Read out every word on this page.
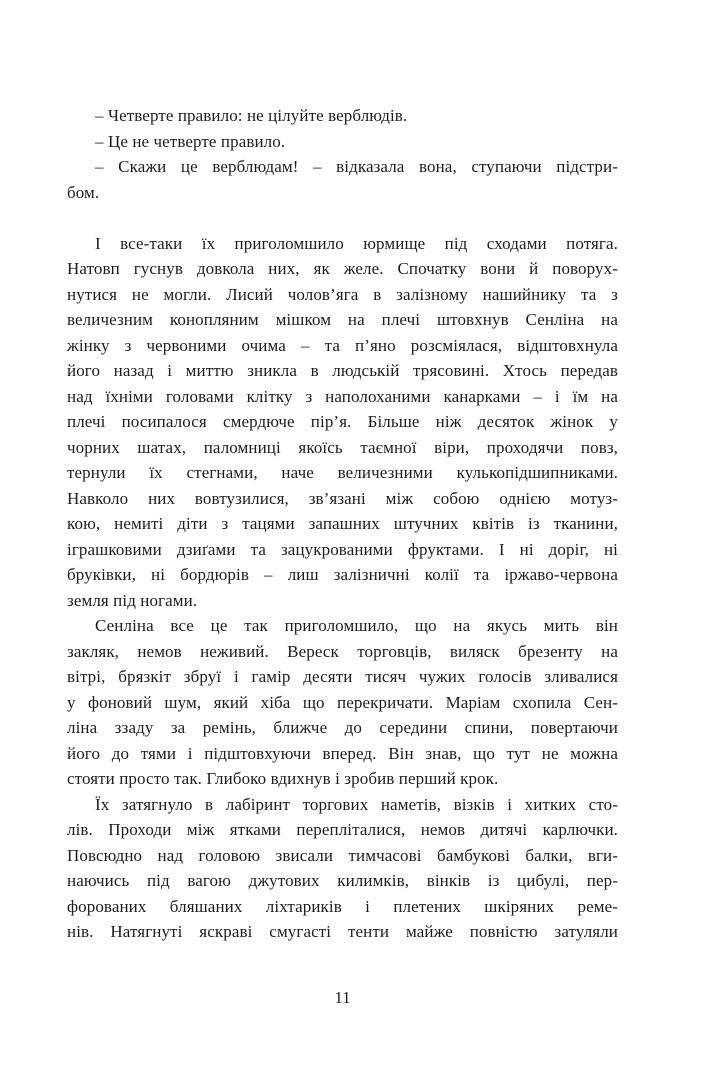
– Четверте правило: не цілуйте верблюдів.

– Це не четверте правило.

– Скажи це верблюдам! – відказала вона, ступаючи підстри-
бом.

І все-таки їх приголомшило юрмище під сходами потяга.
Натовп гуснув довкола них, як желе. Спочатку вони й поворух-
нутися не могли. Лисий чолов’яга в залізному нашийнику та з
величезним конопляним мішком на плечі штовхнув Сенліна на
жінку з червоними очима – та п’яно розсміялася, відштовхнула
його назад і миттю зникла в людській трясовині. Хтось передав
над їхніми головами клітку з наполоханими канарками – і їм на
плечі посипалося смердюче пір’я. Більше ніж десяток жінок у
чорних шатах, паломниці якоїсь таємної віри, проходячи повз,
тернули їх стегнами, наче величезними кулькопідшипниками.
Навколо них вовтузилися, зв’язані між собою однією мотуз-
кою, немиті діти з тацями запашних штучних квітів із тканини,
іграшковими дзиґами та зацукрованими фруктами. І ні доріг, ні
бруківки, ні бордюрів – лиш залізничні колії та іржаво-червона
земля під ногами.

Сенліна все це так приголомшило, що на якусь мить він
закляк, немов неживий. Вереск торговців, виляск брезенту на
вітрі, брязкіт збруї і гамір десяти тисяч чужих голосів зливалися
у фоновий шум, який хіба що перекричати. Маріам схопила Сен-
ліна ззаду за ремінь, ближче до середини спини, повертаючи
його до тями і підштовхуючи вперед. Він знав, що тут не можна
стояти просто так. Глибоко вдихнув і зробив перший крок.

Їх затягнуло в лабіринт торгових наметів, візків і хитких сто-
лів. Проходи між ятками перепліталися, немов дитячі карлючки.
Повсюдно над головою звисали тимчасові бамбукові балки, вги-
наючись під вагою джутових килимків, вінків із цибулі, пер-
форованих бляшаних ліхтариків і плетених шкіряних реме-
нів. Натягнуті яскраві смугасті тенти майже повністю затуляли

11
